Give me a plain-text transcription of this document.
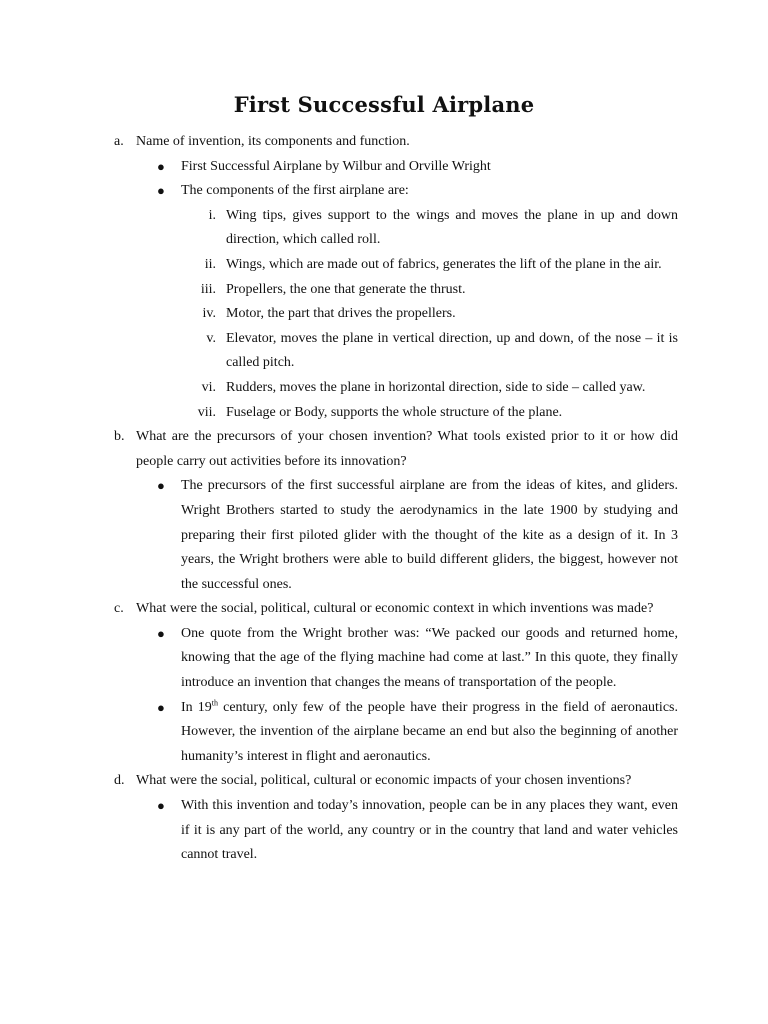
First Successful Airplane
a. Name of invention, its components and function.
● First Successful Airplane by Wilbur and Orville Wright
● The components of the first airplane are:
i. Wing tips, gives support to the wings and moves the plane in up and down direction, which called roll.
ii. Wings, which are made out of fabrics, generates the lift of the plane in the air.
iii. Propellers, the one that generate the thrust.
iv. Motor, the part that drives the propellers.
v. Elevator, moves the plane in vertical direction, up and down, of the nose – it is called pitch.
vi. Rudders, moves the plane in horizontal direction, side to side – called yaw.
vii. Fuselage or Body, supports the whole structure of the plane.
b. What are the precursors of your chosen invention? What tools existed prior to it or how did people carry out activities before its innovation?
● The precursors of the first successful airplane are from the ideas of kites, and gliders. Wright Brothers started to study the aerodynamics in the late 1900 by studying and preparing their first piloted glider with the thought of the kite as a design of it. In 3 years, the Wright brothers were able to build different gliders, the biggest, however not the successful ones.
c. What were the social, political, cultural or economic context in which inventions was made?
● One quote from the Wright brother was: “We packed our goods and returned home, knowing that the age of the flying machine had come at last.” In this quote, they finally introduce an invention that changes the means of transportation of the people.
● In 19th century, only few of the people have their progress in the field of aeronautics. However, the invention of the airplane became an end but also the beginning of another humanity’s interest in flight and aeronautics.
d. What were the social, political, cultural or economic impacts of your chosen inventions?
● With this invention and today’s innovation, people can be in any places they want, even if it is any part of the world, any country or in the country that land and water vehicles cannot travel.
